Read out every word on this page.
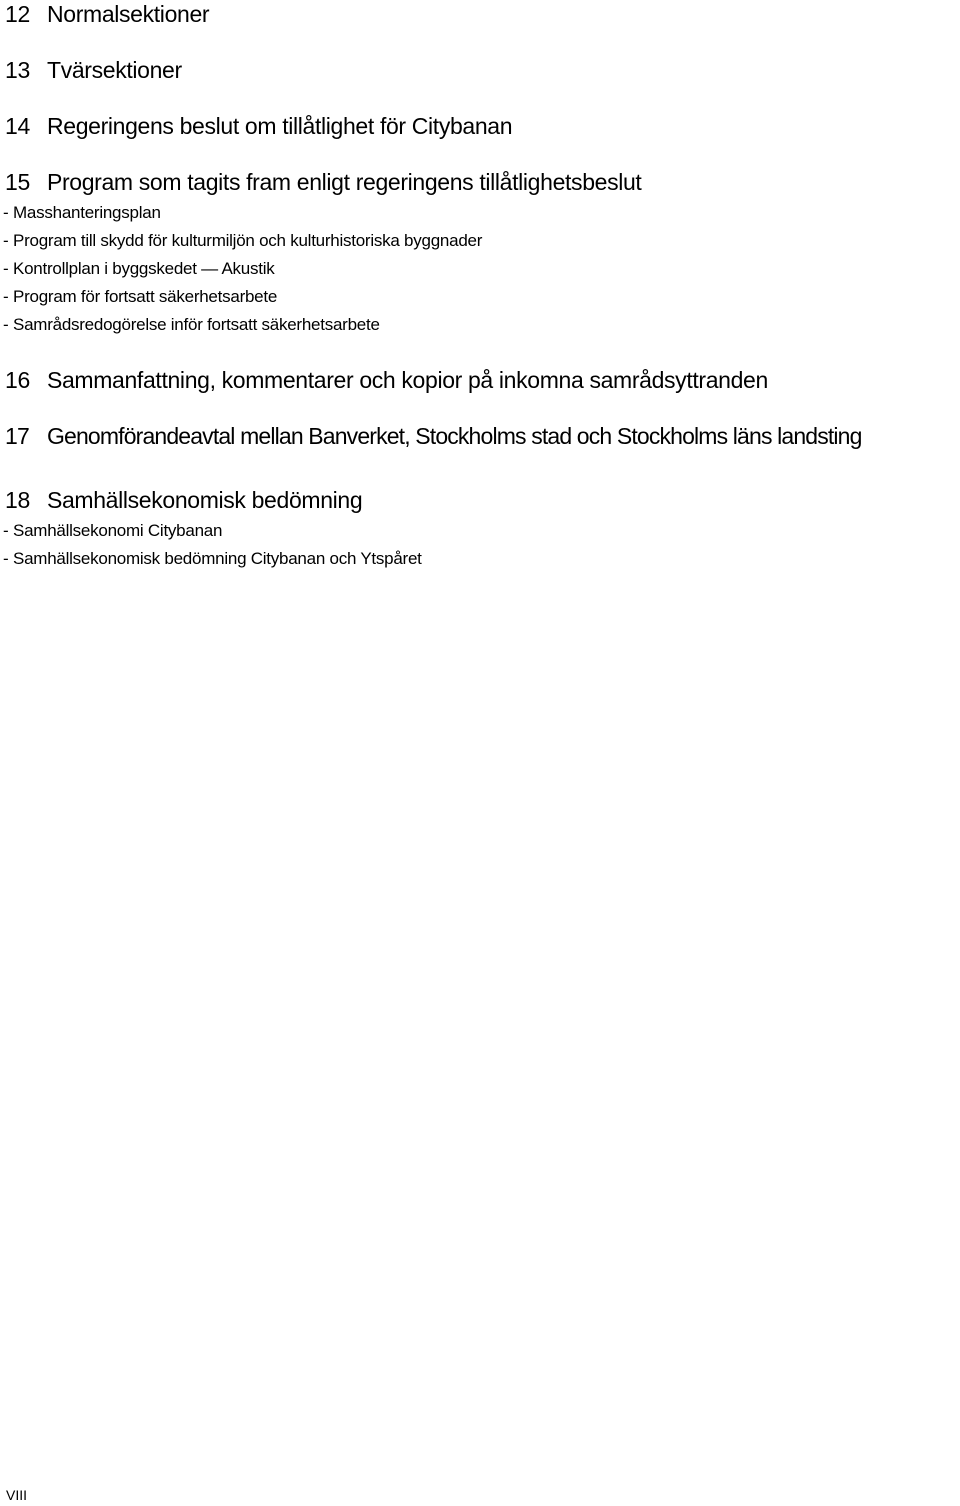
12 Normalsektioner
13 Tvärsektioner
14 Regeringens beslut om tillåtlighet för Citybanan
15 Program som tagits fram enligt regeringens tillåtlighetsbeslut
- Masshanteringsplan
- Program till skydd för kulturmiljön och kulturhistoriska byggnader
- Kontrollplan i byggskedet — Akustik
- Program för fortsatt säkerhetsarbete
- Samrådsredogörelse inför fortsatt säkerhetsarbete
16 Sammanfattning, kommentarer och kopior på inkomna samrådsyttranden
17 Genomförandeavtal mellan Banverket, Stockholms stad och Stockholms läns landsting
18 Samhällsekonomisk bedömning
- Samhällsekonomi Citybanan
- Samhällsekonomisk bedömning Citybanan och Ytspåret
VIII
